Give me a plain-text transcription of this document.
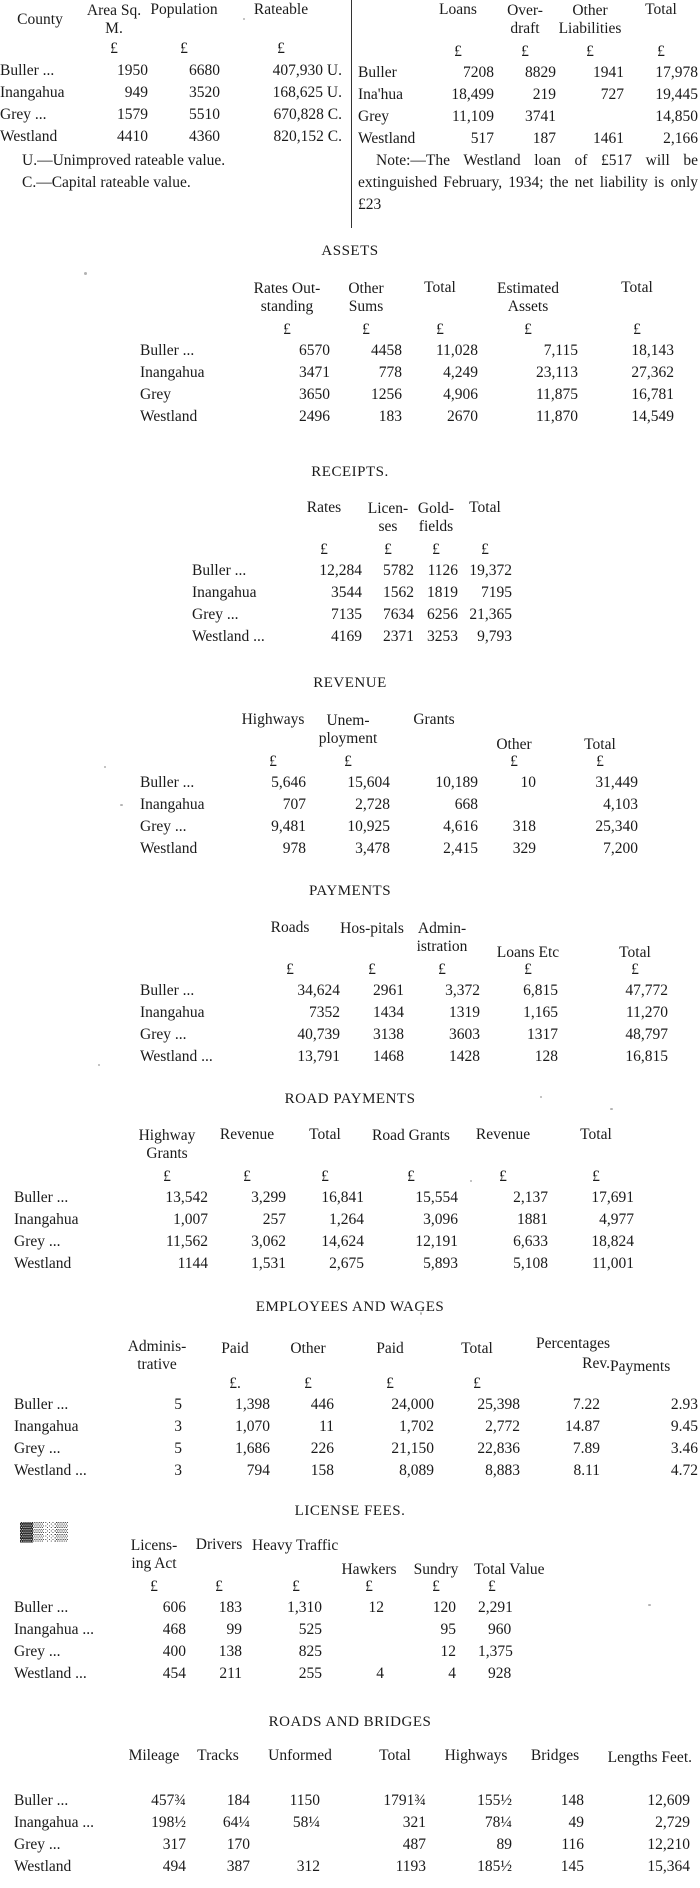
County	Area Sq. M.	Population	Rateable
	£	£	£
Buller ...	1950	6680	407,930 U.
Inangahua	949	3520	168,625 U.
Grey ...	1579	5510	670,828 C.
Westland	4410	4360	820,152 C.
U.—Unimproved rateable value.
C.—Capital rateable value.
	Loans	Over-draft	Other Liabilities	Total
	£	£	£	£
Buller	7208	8829	1941	17,978
Ina'hua	18,499	219	727	19,445
Grey	11,109	3741		14,850
Westland	517	187	1461	2,166
Note:—The Westland loan of £517 will be extinguished February, 1934; the net liability is only £23
ASSETS
	Rates Out-standing	Other Sums	Total	Estimated Assets	Total
	£	£	£	£	£
Buller ...	6570	4458	11,028	7,115	18,143
Inangahua	3471	778	4,249	23,113	27,362
Grey	3650	1256	4,906	11,875	16,781
Westland	2496	183	2670	11,870	14,549
RECEIPTS.
	Rates	Licen-ses	Gold-fields	Total
	£	£	£	£
Buller ...	12,284	5782	1126	19,372
Inangahua	3544	1562	1819	7195
Grey ...	7135	7634	6256	21,365
Westland ...	4169	2371	3253	9,793
REVENUE
	Highways	Unem-ployment	Grants	Other	Total
	£	£		£	£
Buller ...	5,646	15,604	10,189	10	31,449
Inangahua	707	2,728	668		4,103
Grey ...	9,481	10,925	4,616	318	25,340
Westland	978	3,478	2,415	329	7,200
PAYMENTS
	Roads	Hos-pitals	Admin-istration	Loans Etc	Total
	£	£	£	£	£
Buller ...	34,624	2961	3,372	6,815	47,772
Inangahua	7352	1434	1319	1,165	11,270
Grey ...	40,739	3138	3603	1317	48,797
Westland ...	13,791	1468	1428	128	16,815
ROAD PAYMENTS
	Highway Grants	Revenue	Total	Road Grants	Revenue	Total
	£	£	£	£	£	£
Buller ...	13,542	3,299	16,841	15,554	2,137	17,691
Inangahua	1,007	257	1,264	3,096	1881	4,977
Grey ...	11,562	3,062	14,624	12,191	6,633	18,824
Westland	1144	1,531	2,675	5,893	5,108	11,001
EMPLOYEES AND WAGES
	Adminis-trative	Paid	Other	Paid	Total	Percentages Rev.	Payments
		£.	£	£	£		
Buller ...	5	1,398	446	24,000	25,398	7.22	2.93
Inangahua	3	1,070	11	1,702	2,772	14.87	9.45
Grey ...	5	1,686	226	21,150	22,836	7.89	3.46
Westland ...	3	794	158	8,089	8,883	8.11	4.72
▓▒ ░▒
LICENSE FEES.
	Licens-ing Act	Drivers	Heavy Traffic	Hawkers	Sundry	Total Value
	£	£	£	£	£	£
Buller ...	606	183	1,310	12	120	2,291
Inangahua ...	468	99	525		95	960
Grey ...	400	138	825		12	1,375
Westland ...	454	211	255	4	4	928
ROADS AND BRIDGES
	Mileage	Tracks	Unformed	Total	Highways	Bridges	Lengths Feet.
Buller ...	457¾	184	1150	1791¾	155½	148	12,609
Inangahua ...	198½	64¼	58¼	321	78¼	49	2,729
Grey ...	317	170		487	89	116	12,210
Westland	494	387	312	1193	185½	145	15,364
